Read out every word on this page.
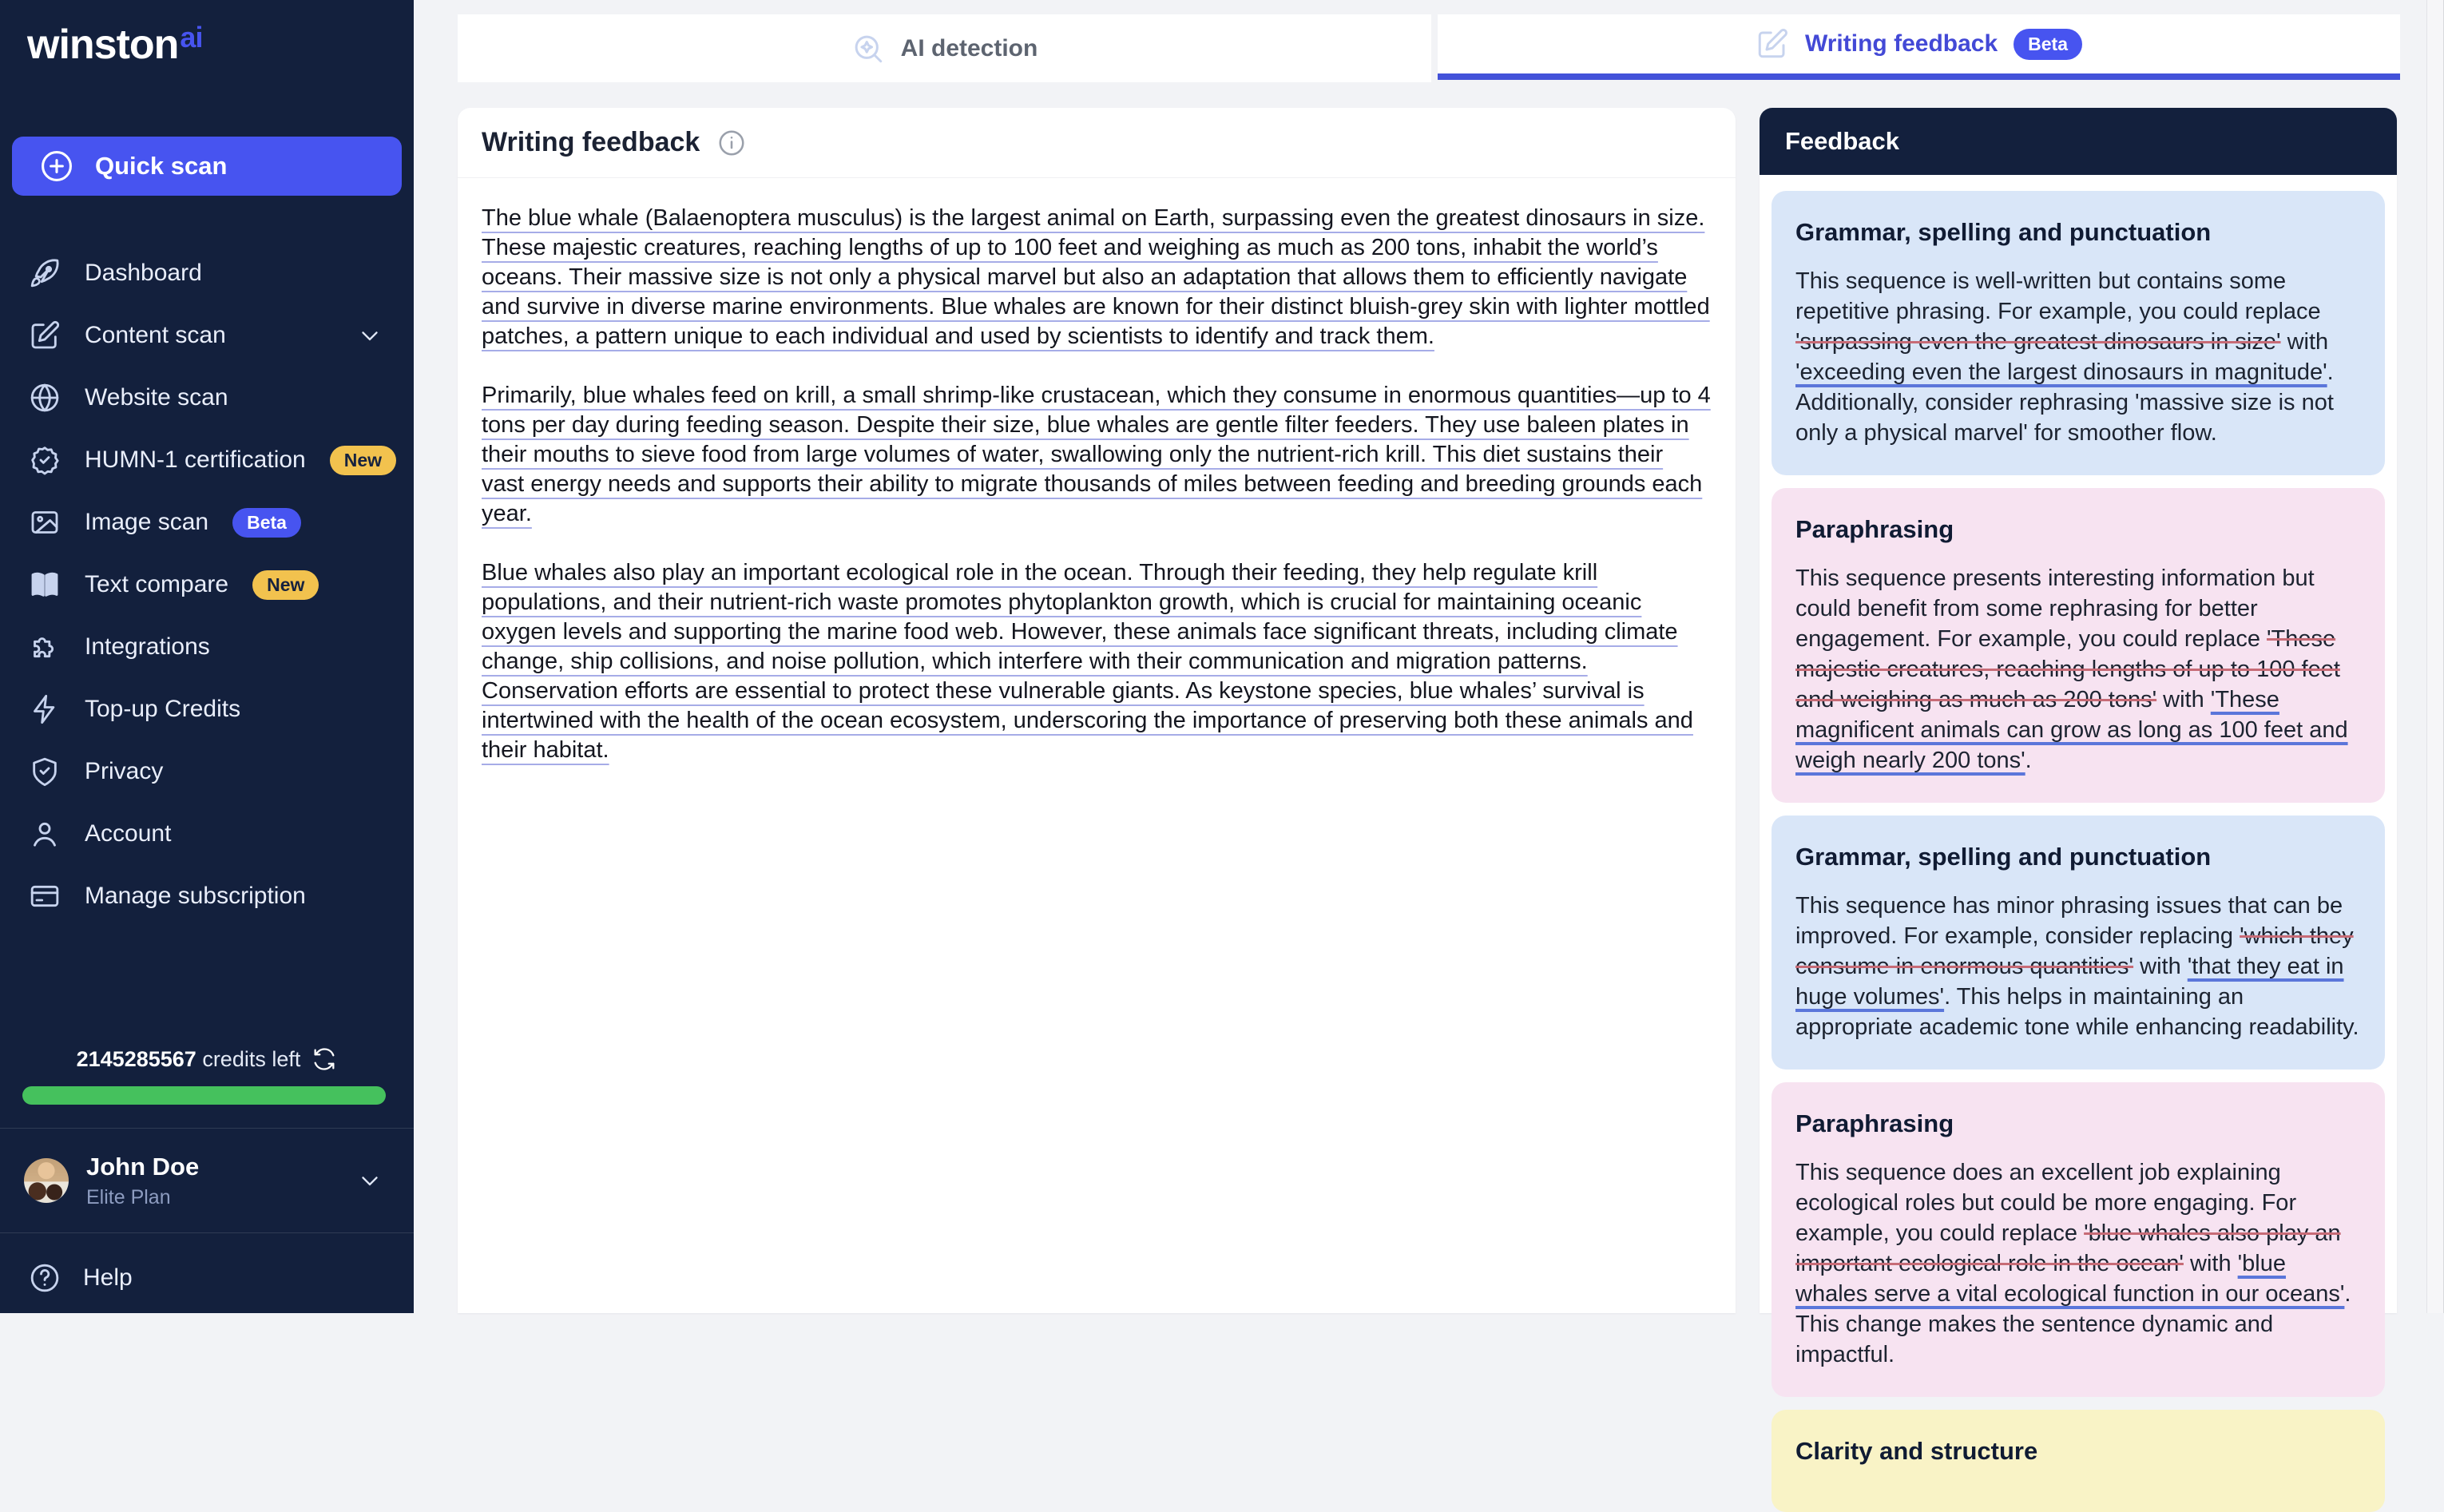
winston$^{ai}$
Quick scan
Dashboard
Content scan
Website scan
HUMN-1 certification	New
Image scan	Beta
Text compare	New
Integrations
Top-up Credits
Privacy
Account
Manage subscription
2145285567 credits left
John Doe
Elite Plan
Help
AI detection	Writing feedback	Beta
Writing feedback

The blue whale (Balaenoptera musculus) is the largest animal on Earth, surpassing even the greatest dinosaurs in size. These majestic creatures, reaching lengths of up to 100 feet and weighing as much as 200 tons, inhabit the world’s oceans. Their massive size is not only a physical marvel but also an adaptation that allows them to efficiently navigate and survive in diverse marine environments. Blue whales are known for their distinct bluish-grey skin with lighter mottled patches, a pattern unique to each individual and used by scientists to identify and track them.

Primarily, blue whales feed on krill, a small shrimp-like crustacean, which they consume in enormous quantities—up to 4 tons per day during feeding season. Despite their size, blue whales are gentle filter feeders. They use baleen plates in their mouths to sieve food from large volumes of water, swallowing only the nutrient-rich krill. This diet sustains their vast energy needs and supports their ability to migrate thousands of miles between feeding and breeding grounds each year.

Blue whales also play an important ecological role in the ocean. Through their feeding, they help regulate krill populations, and their nutrient-rich waste promotes phytoplankton growth, which is crucial for maintaining oceanic oxygen levels and supporting the marine food web. However, these animals face significant threats, including climate change, ship collisions, and noise pollution, which interfere with their communication and migration patterns. Conservation efforts are essential to protect these vulnerable giants. As keystone species, blue whales’ survival is intertwined with the health of the ocean ecosystem, underscoring the importance of preserving both these animals and their habitat.

Feedback
Grammar, spelling and punctuation

This sequence is well-written but contains some repetitive phrasing. For example, you could replace 'surpassing even the greatest dinosaurs in size' with 'exceeding even the largest dinosaurs in magnitude'. Additionally, consider rephrasing 'massive size is not only a physical marvel' for smoother flow.

Paraphrasing

This sequence presents interesting information but could benefit from some rephrasing for better engagement. For example, you could replace 'These majestic creatures, reaching lengths of up to 100 feet and weighing as much as 200 tons' with 'These magnificent animals can grow as long as 100 feet and weigh nearly 200 tons'.

Grammar, spelling and punctuation

This sequence has minor phrasing issues that can be improved. For example, consider replacing 'which they consume in enormous quantities' with 'that they eat in huge volumes'. This helps in maintaining an appropriate academic tone while enhancing readability.

Paraphrasing

This sequence does an excellent job explaining ecological roles but could be more engaging. For example, you could replace 'blue whales also play an important ecological role in the ocean' with 'blue whales serve a vital ecological function in our oceans'. This change makes the sentence dynamic and impactful.

Clarity and structure
